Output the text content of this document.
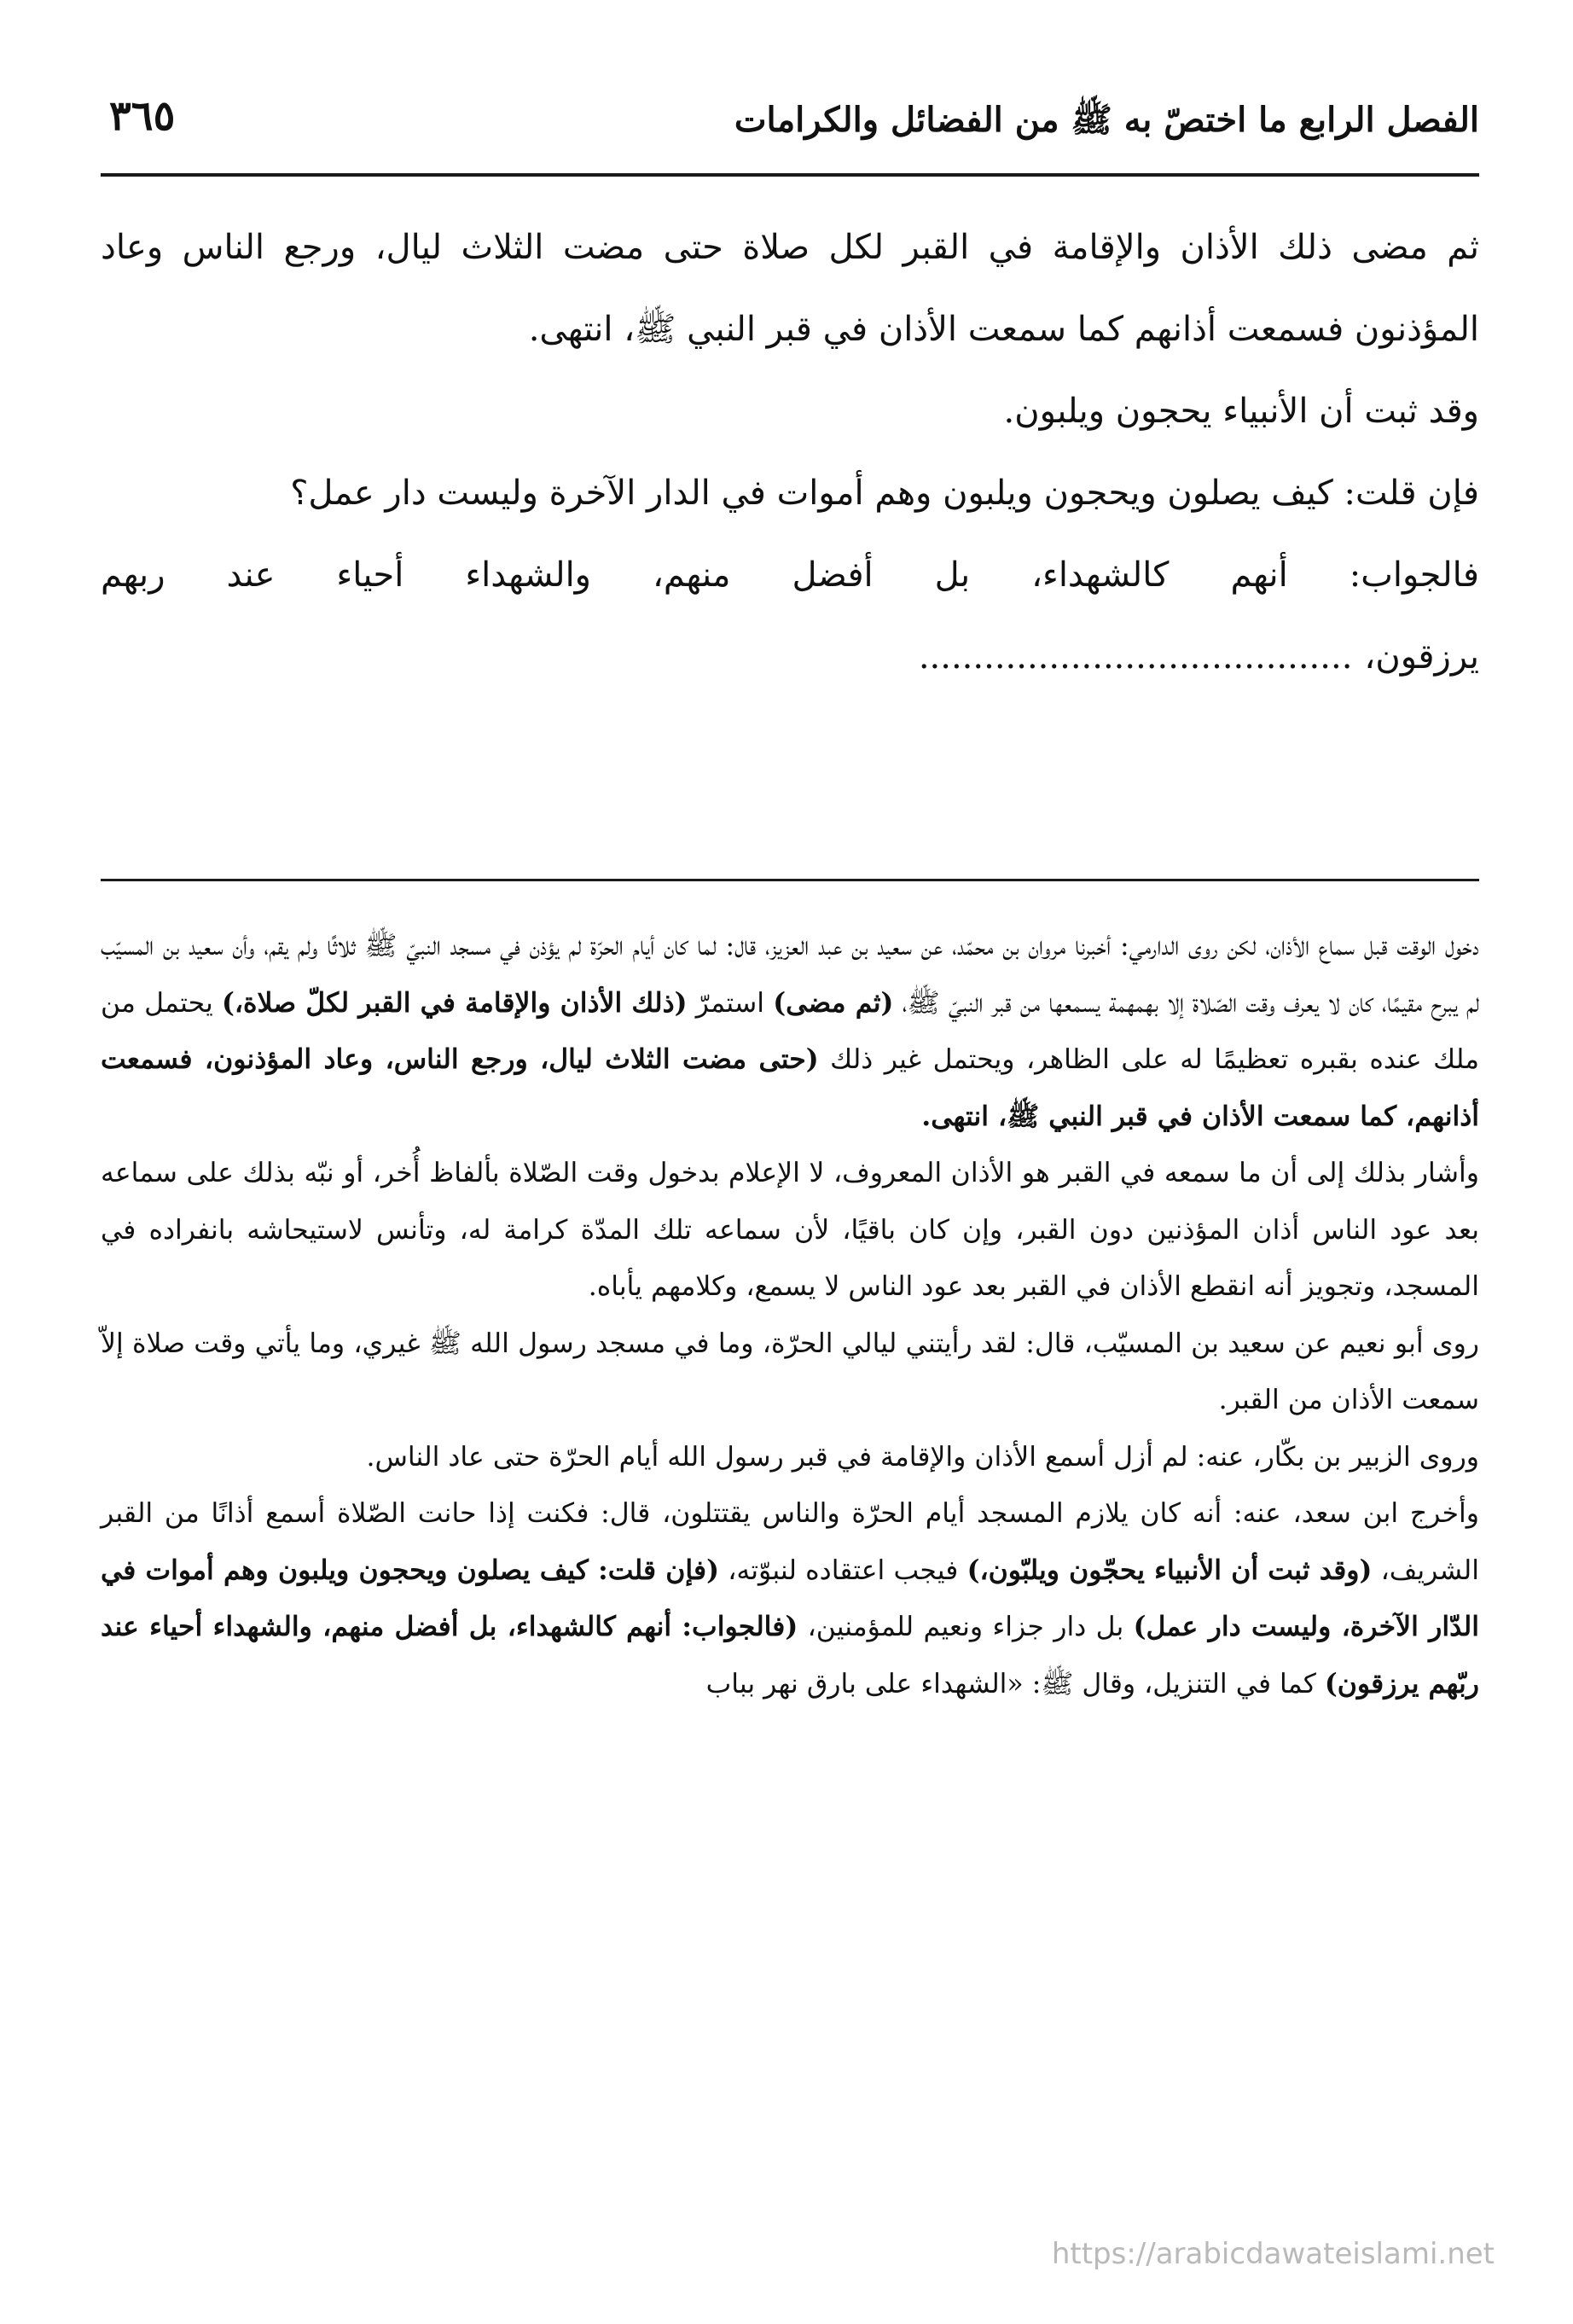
الفصل الرابع ما اختصّ به ﷺ من الفضائل والكرامات
٣٦٥

ثم مضى ذلك الأذان والإقامة في القبر لكل صلاة حتى مضت الثلاث ليال، ورجع الناس وعاد المؤذنون فسمعت أذانهم كما سمعت الأذان في قبر النبي ﷺ، انتهى.

وقد ثبت أن الأنبياء يحجون ويلبون.

فإن قلت: كيف يصلون ويحجون ويلبون وهم أموات في الدار الآخرة وليست دار عمل؟

فالجواب: أنهم كالشهداء، بل أفضل منهم، والشهداء أحياء عند ربهم يرزقون،........................................

دخول الوقت قبل سماع الأذان، لكن روى الدارمي: أخبرنا مروان بن محمّد، عن سعيد بن عبد العزيز، قال: لما كان أيام الحرّة لم يؤذن في مسجد النبيّ ﷺ ثلاثًا ولم يقم، وأن سعيد بن المسيّب لم يبرح مقيمًا، كان لا يعرف وقت الصّلاة إلا بهمهمة يسمعها من قبر النبيّ ﷺ، (ثم مضى) استمرّ (ذلك الأذان والإقامة في القبر لكلّ صلاة،) يحتمل من ملك عنده بقبره تعظيمًا له على الظاهر، ويحتمل غير ذلك (حتى مضت الثلاث ليال، ورجع الناس، وعاد المؤذنون، فسمعت أذانهم، كما سمعت الأذان في قبر النبي ﷺ، انتهى.

وأشار بذلك إلى أن ما سمعه في القبر هو الأذان المعروف، لا الإعلام بدخول وقت الصّلاة بألفاظ أُخر، أو نبّه بذلك على سماعه بعد عود الناس أذان المؤذنين دون القبر، وإن كان باقيًا، لأن سماعه تلك المدّة كرامة له، وتأنس لاستيحاشه بانفراده في المسجد، وتجويز أنه انقطع الأذان في القبر بعد عود الناس لا يسمع، وكلامهم يأباه.

روى أبو نعيم عن سعيد بن المسيّب، قال: لقد رأيتني ليالي الحرّة، وما في مسجد رسول الله ﷺ غيري، وما يأتي وقت صلاة إلاّ سمعت الأذان من القبر.

وروى الزبير بن بكّار، عنه: لم أزل أسمع الأذان والإقامة في قبر رسول الله أيام الحرّة حتى عاد الناس.

وأخرج ابن سعد، عنه: أنه كان يلازم المسجد أيام الحرّة والناس يقتتلون، قال: فكنت إذا حانت الصّلاة أسمع أذانًا من القبر الشريف، (وقد ثبت أن الأنبياء يحجّون ويلبّون،) فيجب اعتقاده لنبوّته، (فإن قلت: كيف يصلون ويحجون ويلبون وهم أموات في الدّار الآخرة، وليست دار عمل) بل دار جزاء ونعيم للمؤمنين، (فالجواب: أنهم كالشهداء، بل أفضل منهم، والشهداء أحياء عند ربّهم يرزقون) كما في التنزيل، وقال ﷺ: «الشهداء على بارق نهر بباب

https://arabicdawateislami.net
